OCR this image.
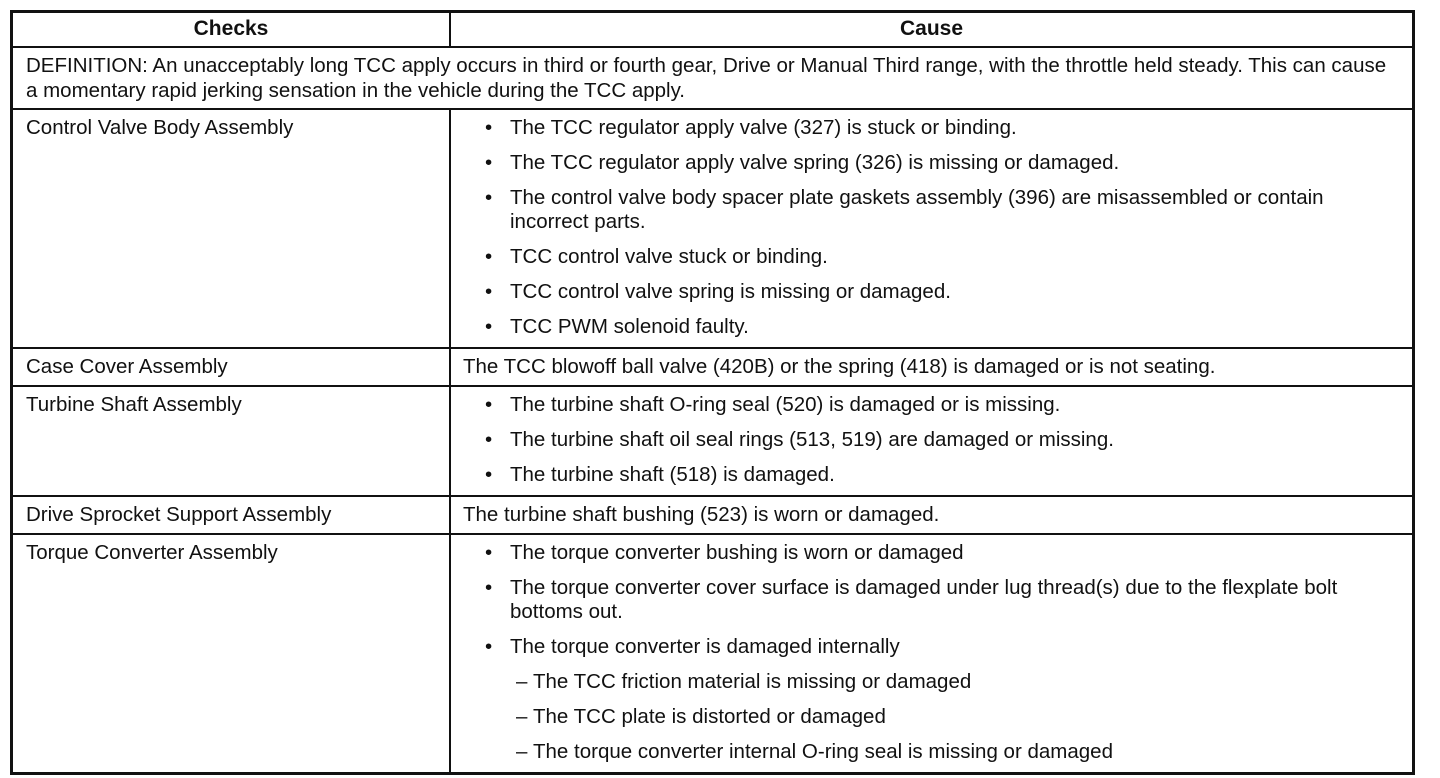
Checks	Cause
DEFINITION: An unacceptably long TCC apply occurs in third or fourth gear, Drive or Manual Third range, with the throttle held steady. This can cause a momentary rapid jerking sensation in the vehicle during the TCC apply.
Control Valve Body Assembly	• The TCC regulator apply valve (327) is stuck or binding.
• The TCC regulator apply valve spring (326) is missing or damaged.
• The control valve body spacer plate gaskets assembly (396) are misassembled or contain incorrect parts.
• TCC control valve stuck or binding.
• TCC control valve spring is missing or damaged.
• TCC PWM solenoid faulty.
Case Cover Assembly	The TCC blowoff ball valve (420B) or the spring (418) is damaged or is not seating.
Turbine Shaft Assembly	• The turbine shaft O-ring seal (520) is damaged or is missing.
• The turbine shaft oil seal rings (513, 519) are damaged or missing.
• The turbine shaft (518) is damaged.
Drive Sprocket Support Assembly	The turbine shaft bushing (523) is worn or damaged.
Torque Converter Assembly	• The torque converter bushing is worn or damaged
• The torque converter cover surface is damaged under lug thread(s) due to the flexplate bolt bottoms out.
• The torque converter is damaged internally
– The TCC friction material is missing or damaged
– The TCC plate is distorted or damaged
– The torque converter internal O-ring seal is missing or damaged
